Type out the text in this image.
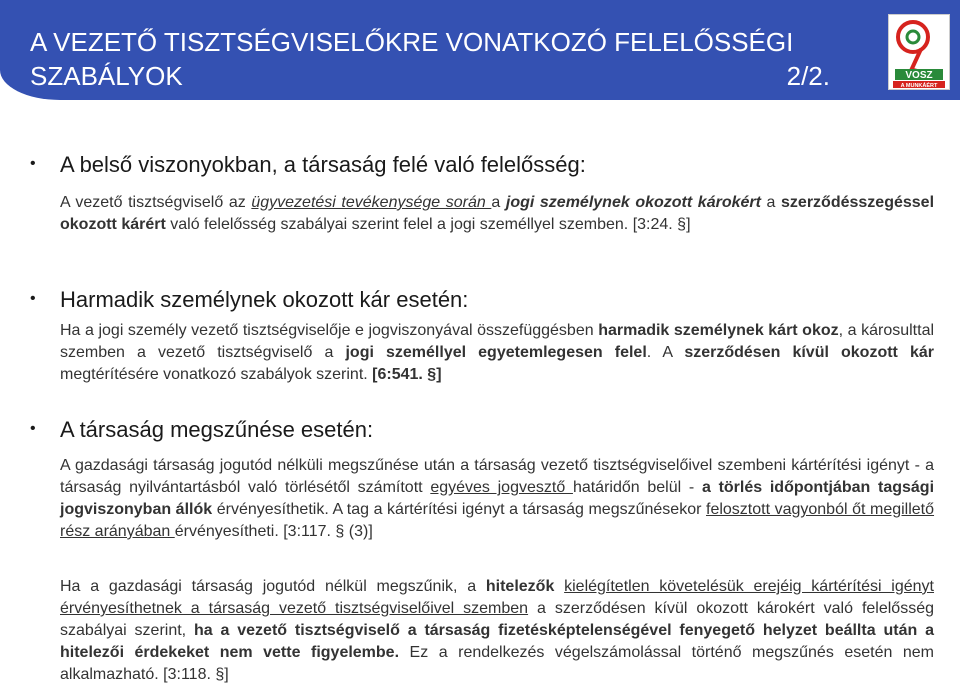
A VEZETŐ TISZTSÉGVISELŐKRE VONATKOZÓ FELELŐSSÉGI
SZABÁLYOK	2/2.	VOSZ
A MUNKÁÉRT
• A belső viszonyokban, a társaság felé való felelősség:
A vezető tisztségviselő az ügyvezetési tevékenysége során a jogi személynek okozott károkért a szerződésszegéssel okozott kárért való felelősség szabályai szerint felel a jogi személlyel szemben. [3:24. §]
• Harmadik személynek okozott kár esetén:
Ha a jogi személy vezető tisztségviselője e jogviszonyával összefüggésben harmadik személynek kárt okoz, a károsulttal szemben a vezető tisztségviselő a jogi személlyel egyetemlegesen felel. A szerződésen kívül okozott kár megtérítésére vonatkozó szabályok szerint. [6:541. §]
• A társaság megszűnése esetén:
A gazdasági társaság jogutód nélküli megszűnése után a társaság vezető tisztségviselőivel szembeni kártérítési igényt - a társaság nyilvántartásból való törlésétől számított egyéves jogvesztő határidőn belül - a törlés időpontjában tagsági jogviszonyban állók érvényesíthetik. A tag a kártérítési igényt a társaság megszűnésekor felosztott vagyonból őt megillető rész arányában érvényesítheti. [3:117. § (3)]
Ha a gazdasági társaság jogutód nélkül megszűnik, a hitelezők kielégítetlen követelésük erejéig kártérítési igényt érvényesíthetnek a társaság vezető tisztségviselőivel szemben a szerződésen kívül okozott károkért való felelősség szabályai szerint, ha a vezető tisztségviselő a társaság fizetésképtelenségével fenyegető helyzet beállta után a hitelezői érdekeket nem vette figyelembe. Ez a rendelkezés végelszámolással történő megszűnés esetén nem alkalmazható. [3:118. §]
